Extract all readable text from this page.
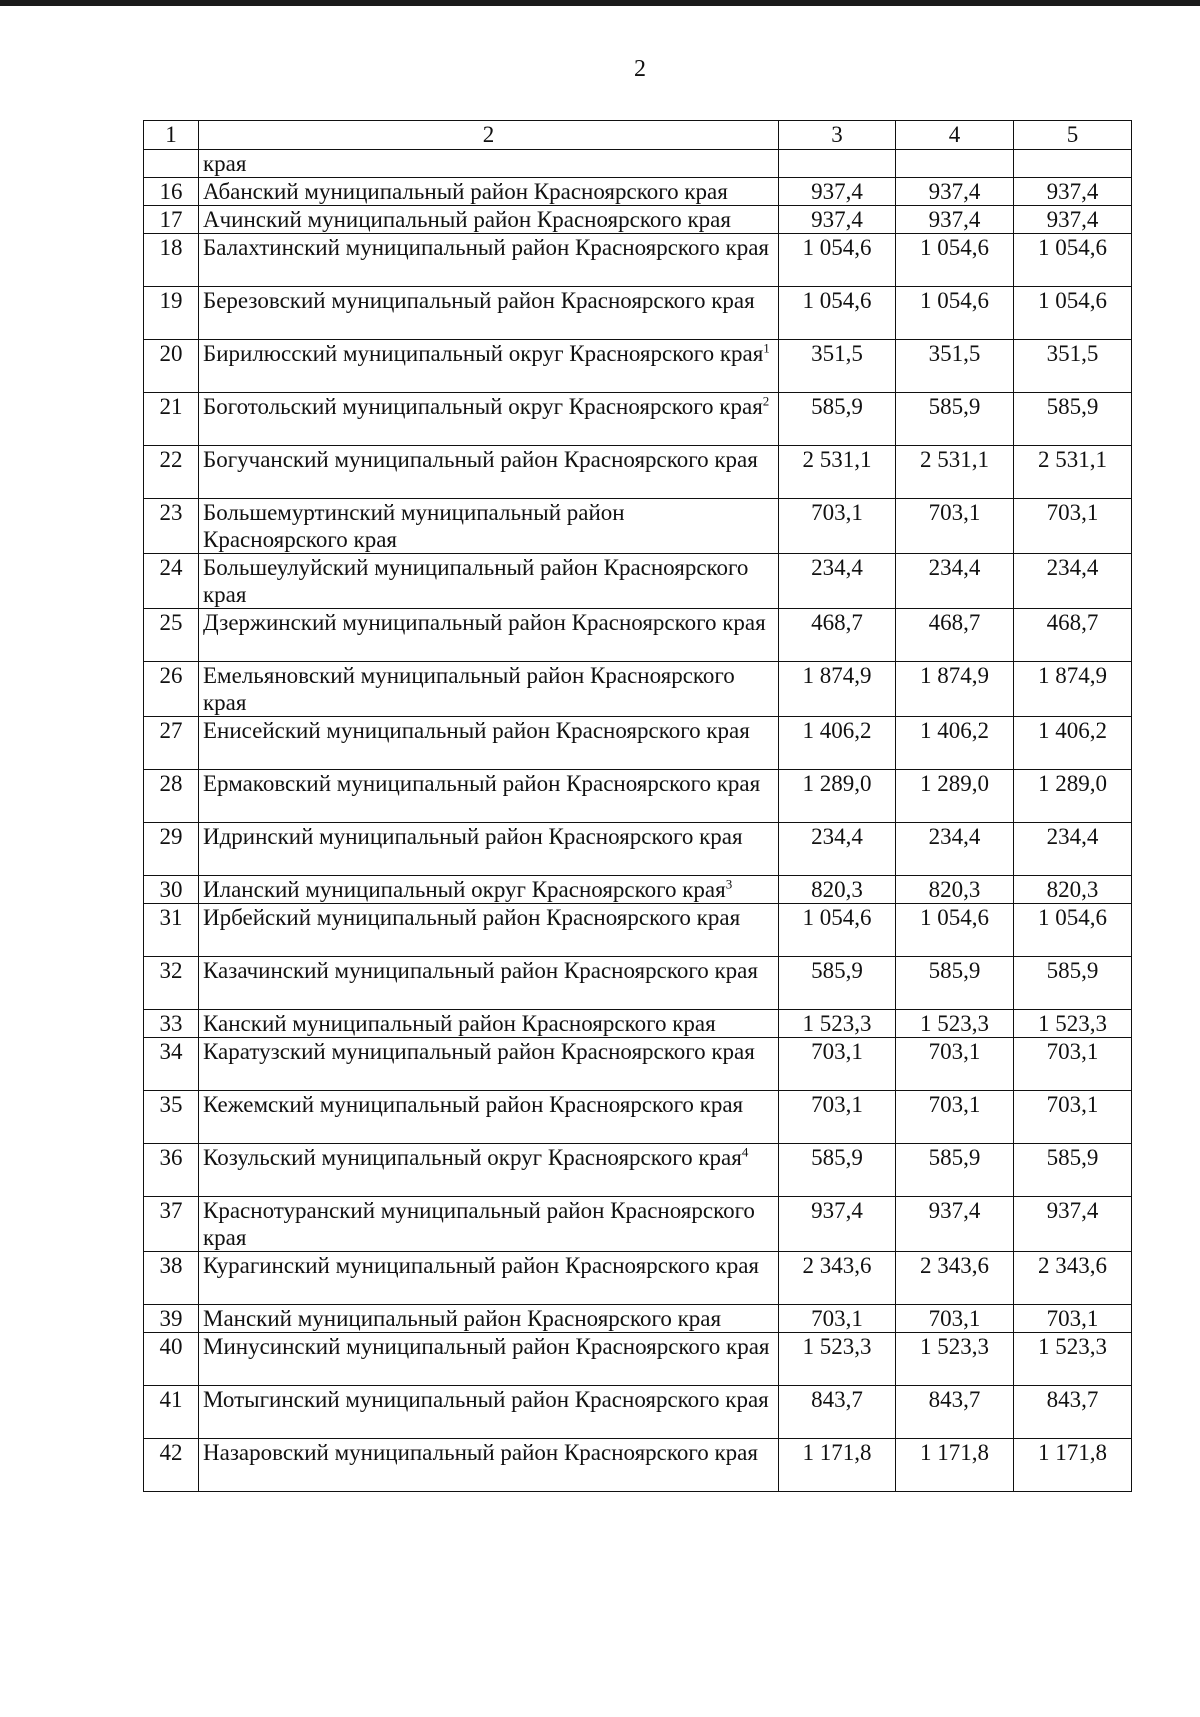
2
1	2	3	4	5
	края			
16	Абанский муниципальный район Красноярского края	937,4	937,4	937,4
17	Ачинский муниципальный район Красноярского края	937,4	937,4	937,4
18	Балахтинский муниципальный район Красноярского края	1 054,6	1 054,6	1 054,6
19	Березовский муниципальный район Красноярского края	1 054,6	1 054,6	1 054,6
20	Бирилюсский муниципальный округ Красноярского края$^1$	351,5	351,5	351,5
21	Боготольский муниципальный округ Красноярского края$^2$	585,9	585,9	585,9
22	Богучанский муниципальный район Красноярского края	2 531,1	2 531,1	2 531,1
23	Большемуртинский муниципальный район Красноярского края	703,1	703,1	703,1
24	Большеулуйский муниципальный район Красноярского края	234,4	234,4	234,4
25	Дзержинский муниципальный район Красноярского края	468,7	468,7	468,7
26	Емельяновский муниципальный район Красноярского края	1 874,9	1 874,9	1 874,9
27	Енисейский муниципальный район Красноярского края	1 406,2	1 406,2	1 406,2
28	Ермаковский муниципальный район Красноярского края	1 289,0	1 289,0	1 289,0
29	Идринский муниципальный район Красноярского края	234,4	234,4	234,4
30	Иланский муниципальный округ Красноярского края$^3$	820,3	820,3	820,3
31	Ирбейский муниципальный район Красноярского края	1 054,6	1 054,6	1 054,6
32	Казачинский муниципальный район Красноярского края	585,9	585,9	585,9
33	Канский муниципальный район Красноярского края	1 523,3	1 523,3	1 523,3
34	Каратузский муниципальный район Красноярского края	703,1	703,1	703,1
35	Кежемский муниципальный район Красноярского края	703,1	703,1	703,1
36	Козульский муниципальный округ Красноярского края$^4$	585,9	585,9	585,9
37	Краснотуранский муниципальный район Красноярского края	937,4	937,4	937,4
38	Курагинский муниципальный район Красноярского края	2 343,6	2 343,6	2 343,6
39	Манский муниципальный район Красноярского края	703,1	703,1	703,1
40	Минусинский муниципальный район Красноярского края	1 523,3	1 523,3	1 523,3
41	Мотыгинский муниципальный район Красноярского края	843,7	843,7	843,7
42	Назаровский муниципальный район Красноярского края	1 171,8	1 171,8	1 171,8
